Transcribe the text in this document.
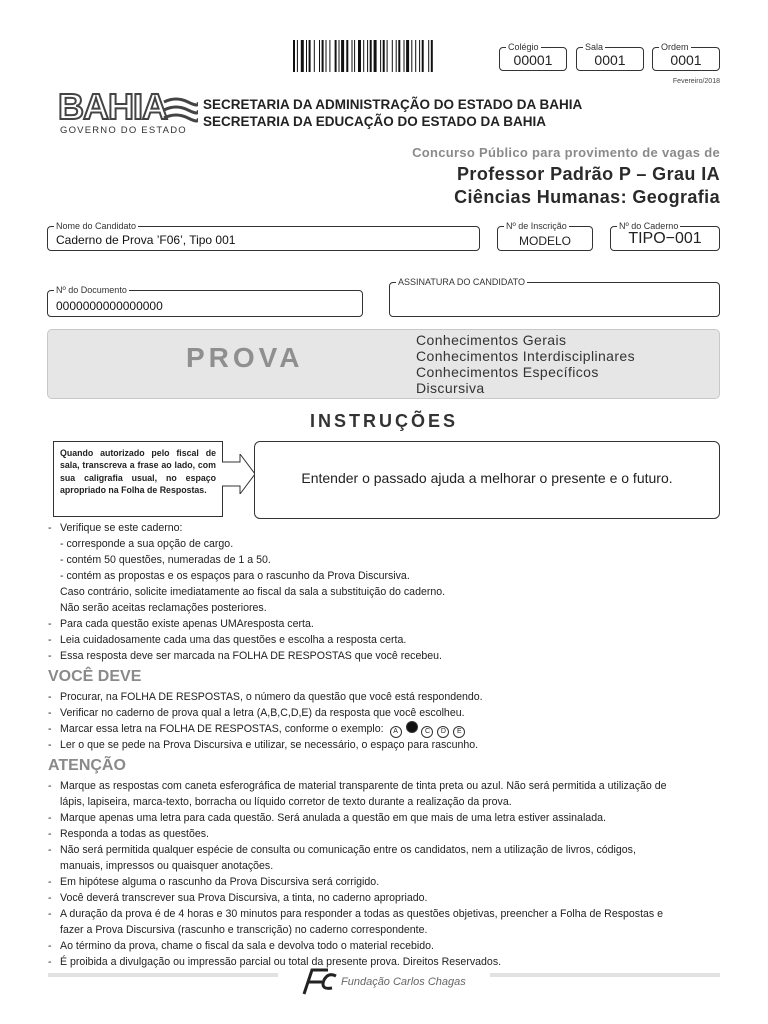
Colégio
00001
Sala
0001
Ordem
0001
Fevereiro/2018
BAHIA
GOVERNO DO ESTADO
SECRETARIA DA ADMINISTRAÇÃO DO ESTADO DA BAHIA
SECRETARIA DA EDUCAÇÃO DO ESTADO DA BAHIA
Concurso Público para provimento de vagas de
Professor Padrão P – Grau IA
Ciências Humanas: Geografia
Nome do Candidato
Caderno de Prova ’F06’, Tipo 001
Nº de Inscrição
MODELO
Nº do Caderno
TIPO−001
Nº do Documento
0000000000000000
ASSINATURA DO CANDIDATO
PROVA
Conhecimentos Gerais
Conhecimentos Interdisciplinares
Conhecimentos Específicos
Discursiva
INSTRUÇÕES
Quando autorizado pelo fiscal de sala, transcreva a frase ao lado, com sua caligrafia usual, no espaço apropriado na Folha de Respostas.
Entender o passado ajuda a melhorar o presente e o futuro.
- Verifique se este caderno:
- corresponde a sua opção de cargo.
- contém 50 questões, numeradas de 1 a 50.
- contém as propostas e os espaços para o rascunho da Prova Discursiva.
Caso contrário, solicite imediatamente ao fiscal da sala a substituição do caderno.
Não serão aceitas reclamações posteriores.
- Para cada questão existe apenas UMAresposta certa.
- Leia cuidadosamente cada uma das questões e escolha a resposta certa.
- Essa resposta deve ser marcada na FOLHA DE RESPOSTAS que você recebeu.
VOCÊ DEVE
- Procurar, na FOLHA DE RESPOSTAS, o número da questão que você está respondendo.
- Verificar no caderno de prova qual a letra (A,B,C,D,E) da resposta que você escolheu.
- Marcar essa letra na FOLHA DE RESPOSTAS, conforme o exemplo: A	C D E
- Ler o que se pede na Prova Discursiva e utilizar, se necessário, o espaço para rascunho.
ATENÇÃO
- Marque as respostas com caneta esferográfica de material transparente de tinta preta ou azul. Não será permitida a utilização de
lápis, lapiseira, marca-texto, borracha ou líquido corretor de texto durante a realização da prova.
- Marque apenas uma letra para cada questão. Será anulada a questão em que mais de uma letra estiver assinalada.
- Responda a todas as questões.
- Não será permitida qualquer espécie de consulta ou comunicação entre os candidatos, nem a utilização de livros, códigos,
manuais, impressos ou quaisquer anotações.
- Em hipótese alguma o rascunho da Prova Discursiva será corrigido.
- Você deverá transcrever sua Prova Discursiva, a tinta, no caderno apropriado.
- A duração da prova é de 4 horas e 30 minutos para responder a todas as questões objetivas, preencher a Folha de Respostas e
fazer a Prova Discursiva (rascunho e transcrição) no caderno correspondente.
- Ao término da prova, chame o fiscal da sala e devolva todo o material recebido.
- É proibida a divulgação ou impressão parcial ou total da presente prova. Direitos Reservados.
Fundação Carlos Chagas
